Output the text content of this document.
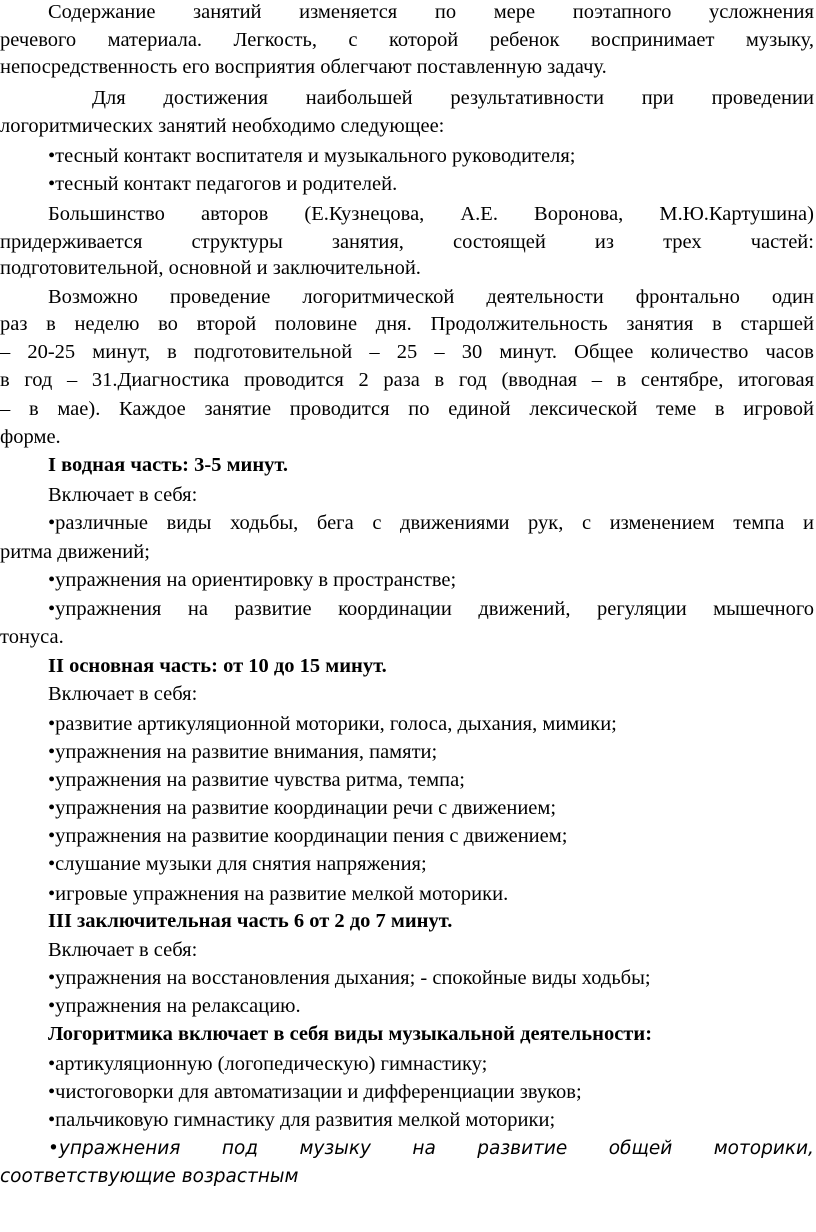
Содержание занятий изменяется по мере поэтапного усложнения
речевого материала. Легкость, с которой ребенок воспринимает музыку,
непосредственность его восприятия облегчают поставленную задачу.
Для достижения наибольшей результативности при проведении
логоритмических занятий необходимо следующее:
•тесный контакт воспитателя и музыкального руководителя;
•тесный контакт педагогов и родителей.
Большинство авторов (Е.Кузнецова, А.Е. Воронова, М.Ю.Картушина)
придерживается структуры занятия, состоящей из трех частей:
подготовительной, основной и заключительной.
Возможно проведение логоритмической деятельности фронтально один
раз в неделю во второй половине дня. Продолжительность занятия в старшей
– 20-25 минут, в подготовительной – 25 – 30 минут. Общее количество часов
в год – 31.Диагностика проводится 2 раза в год (вводная – в сентябре, итоговая
– в мае). Каждое занятие проводится по единой лексической теме в игровой
форме.
I водная часть: 3-5 минут.
Включает в себя:
•различные виды ходьбы, бега с движениями рук, с изменением темпа и
ритма движений;
•упражнения на ориентировку в пространстве;
•упражнения на развитие координации движений, регуляции мышечного
тонуса.
II основная часть: от 10 до 15 минут.
Включает в себя:
•развитие артикуляционной моторики, голоса, дыхания, мимики;
•упражнения на развитие внимания, памяти;
•упражнения на развитие чувства ритма, темпа;
•упражнения на развитие координации речи с движением;
•упражнения на развитие координации пения с движением;
•слушание музыки для снятия напряжения;
•игровые упражнения на развитие мелкой моторики.
III заключительная часть 6 от 2 до 7 минут.
Включает в себя:
•упражнения на восстановления дыхания; - спокойные виды ходьбы;
•упражнения на релаксацию.
Логоритмика включает в себя виды музыкальной деятельности:
•артикуляционную (логопедическую) гимнастику;
•чистоговорки для автоматизации и дифференциации звуков;
•пальчиковую гимнастику для развития мелкой моторики;
•упражнения под музыку на развитие общей моторики,
соответствующие возрастным
